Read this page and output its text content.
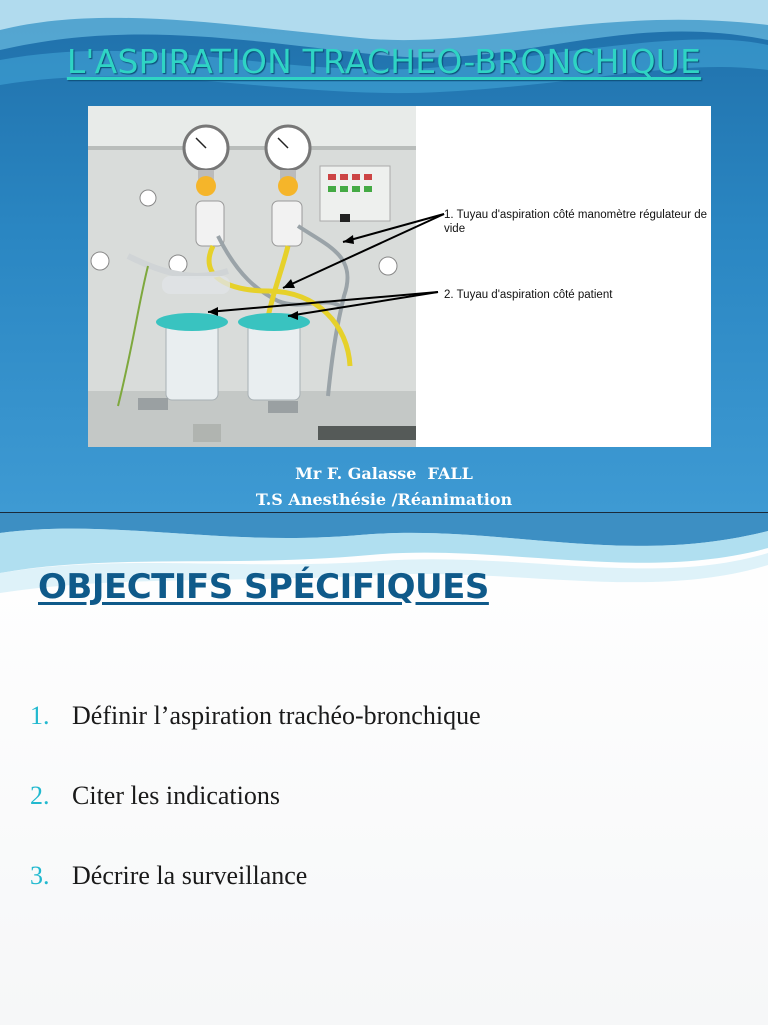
L'ASPIRATION TRACHEO-BRONCHIQUE
1. Tuyau d'aspiration côté manomètre régulateur de vide
2. Tuyau d'aspiration côté patient
Mr F. Galasse  FALL
T.S Anesthésie /Réanimation
OBJECTIFS SPÉCIFIQUES
1. Définir l’aspiration trachéo-bronchique
2. Citer les indications
3. Décrire la surveillance
